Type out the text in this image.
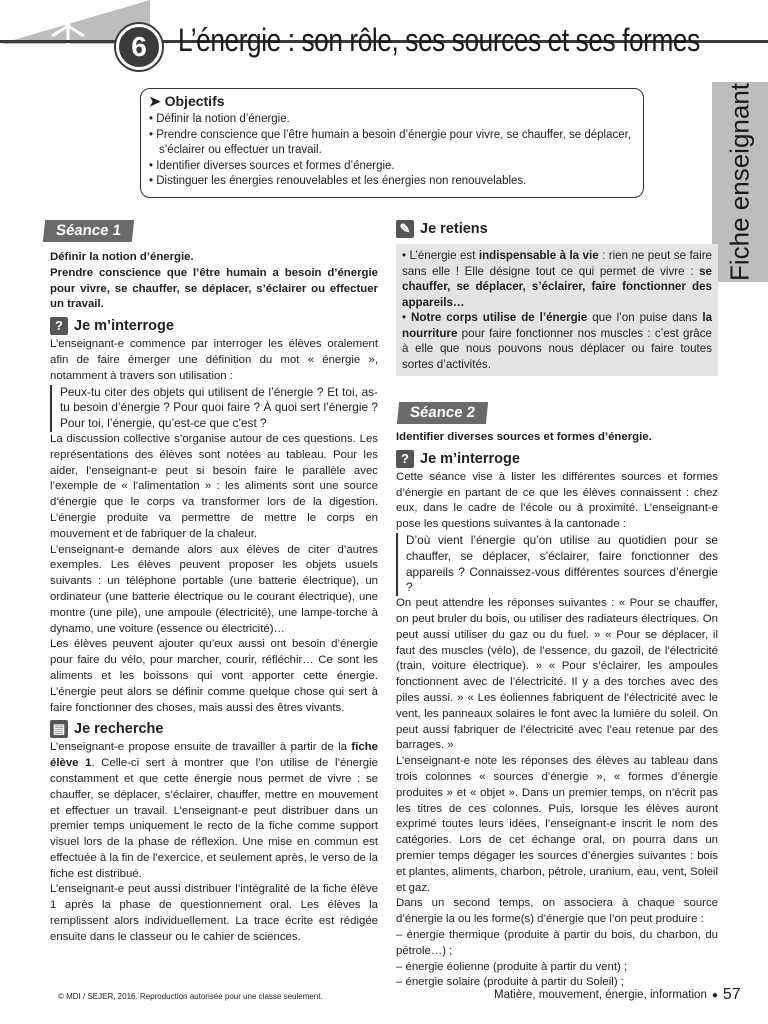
6 L’énergie : son rôle, ses sources et ses formes
Fiche enseignant
➤ Objectifs
• Définir la notion d’énergie.
• Prendre conscience que l’être humain a besoin d’énergie pour vivre, se chauffer, se déplacer, s’éclairer ou effectuer un travail.
• Identifier diverses sources et formes d’énergie.
• Distinguer les énergies renouvelables et les énergies non renouvelables.
Séance 1

Définir la notion d’énergie.
Prendre conscience que l’être humain a besoin d’énergie pour vivre, se chauffer, se déplacer, s’éclairer ou effectuer un travail.

? Je m’interroge

L’enseignant-e commence par interroger les élèves oralement afin de faire émerger une définition du mot « énergie », notamment à travers son utilisation :

Peux-tu citer des objets qui utilisent de l’énergie ? Et toi, as-tu besoin d’énergie ? Pour quoi faire ? À quoi sert l’énergie ? Pour toi, l’énergie, qu’est-ce que c’est ?

La discussion collective s’organise autour de ces questions. Les représentations des élèves sont notées au tableau. Pour les aider, l’enseignant-e peut si besoin faire le parallèle avec l’exemple de « l’alimentation » : les aliments sont une source d’énergie que le corps va transformer lors de la digestion. L’énergie produite va permettre de mettre le corps en mouvement et de fabriquer de la chaleur.

L’enseignant-e demande alors aux élèves de citer d’autres exemples. Les élèves peuvent proposer les objets usuels suivants : un téléphone portable (une batterie électrique), un ordinateur (une batterie électrique ou le courant électrique), une montre (une pile), une ampoule (électricité), une lampe-torche à dynamo, une voiture (essence ou électricité)…

Les élèves peuvent ajouter qu’eux aussi ont besoin d’énergie pour faire du vélo, pour marcher, courir, réfléchir… Ce sont les aliments et les boissons qui vont apporter cette énergie. L’énergie peut alors se définir comme quelque chose qui sert à faire fonctionner des choses, mais aussi des êtres vivants.

▤ Je recherche

L’enseignant-e propose ensuite de travailler à partir de la fiche élève 1. Celle-ci sert à montrer que l’on utilise de l’énergie constamment et que cette énergie nous permet de vivre : se chauffer, se déplacer, s’éclairer, chauffer, mettre en mouvement et effectuer un travail. L’enseignant-e peut distribuer dans un premier temps uniquement le recto de la fiche comme support visuel lors de la phase de réflexion. Une mise en commun est effectuée à la fin de l’exercice, et seulement après, le verso de la fiche est distribué.

L’enseignant-e peut aussi distribuer l’intégralité de la fiche élève 1 après la phase de questionnement oral. Les élèves la remplissent alors individuellement. La trace écrite est rédigée ensuite dans le classeur ou le cahier de sciences.

✎ Je retiens

• L’énergie est indispensable à la vie : rien ne peut se faire sans elle ! Elle désigne tout ce qui permet de vivre : se chauffer, se déplacer, s’éclairer, faire fonctionner des appareils…

• Notre corps utilise de l’énergie que l’on puise dans la nourriture pour faire fonctionner nos muscles : c’est grâce à elle que nous pouvons nous déplacer ou faire toutes sortes d’activités.

Séance 2

Identifier diverses sources et formes d’énergie.

? Je m’interroge

Cette séance vise à lister les différentes sources et formes d’énergie en partant de ce que les élèves connaissent : chez eux, dans le cadre de l’école ou à proximité. L’enseignant-e pose les questions suivantes à la cantonade :

D’où vient l’énergie qu’on utilise au quotidien pour se chauffer, se déplacer, s’éclairer, faire fonctionner des appareils ? Connaissez-vous différentes sources d’énergie ?

On peut attendre les réponses suivantes : « Pour se chauffer, on peut bruler du bois, ou utiliser des radiateurs électriques. On peut aussi utiliser du gaz ou du fuel. » « Pour se déplacer, il faut des muscles (vélo), de l’essence, du gazoil, de l’électricité (train, voiture électrique). » « Pour s’éclairer, les ampoules fonctionnent avec de l’électricité. Il y a des torches avec des piles aussi. » « Les éoliennes fabriquent de l’électricité avec le vent, les panneaux solaires le font avec la lumière du soleil. On peut aussi fabriquer de l’électricité avec l’eau retenue par des barrages. »

L’enseignant-e note les réponses des élèves au tableau dans trois colonnes « sources d’énergie », « formes d’énergie produites » et « objet ». Dans un premier temps, on n’écrit pas les titres de ces colonnes. Puis, lorsque les élèves auront exprimé toutes leurs idées, l’enseignant-e inscrit le nom des catégories. Lors de cet échange oral, on pourra dans un premier temps dégager les sources d’énergies suivantes : bois et plantes, aliments, charbon, pétrole, uranium, eau, vent, Soleil et gaz.

Dans un second temps, on associera à chaque source d’énergie la ou les forme(s) d’énergie que l’on peut produire :

– énergie thermique (produite à partir du bois, du charbon, du pétrole…) ;

– énergie éolienne (produite à partir du vent) ;

– énergie solaire (produite à partir du Soleil) ;

© MDI / SEJER, 2016. Reproduction autorisée pour une classe seulement.	Matière, mouvement, énergie, information ● 57
